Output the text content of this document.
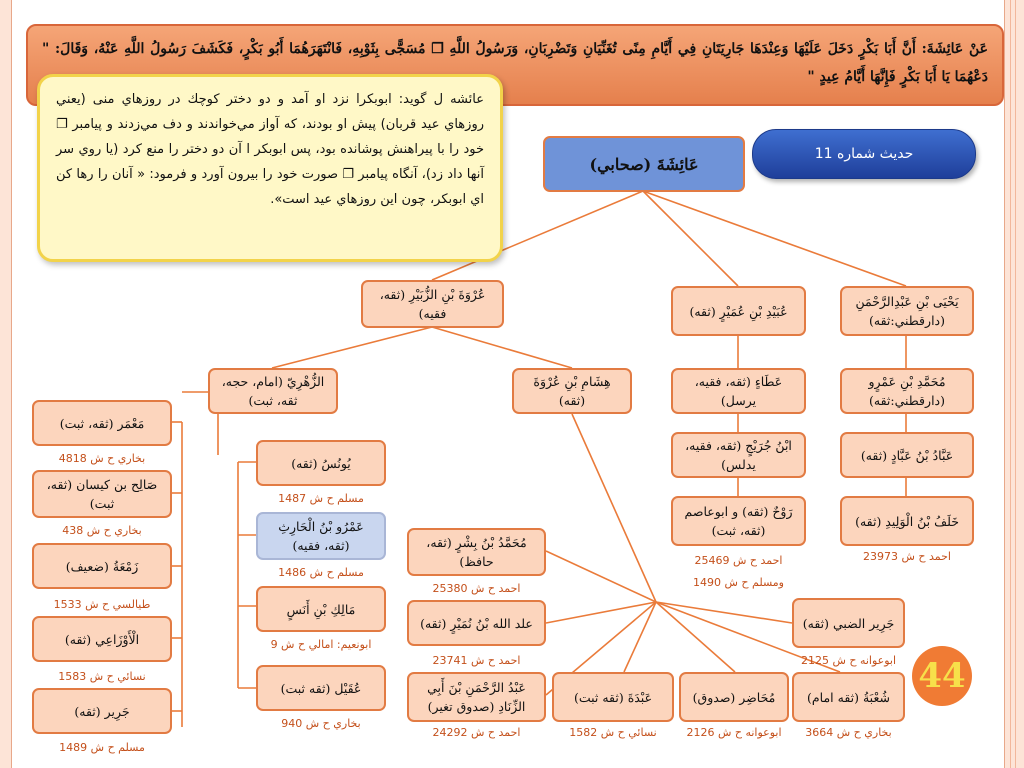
عَنْ عَائِشَةَ: أَنَّ أَبَا بَكْرٍ دَخَلَ عَلَيْهَا وَعِنْدَهَا جَارِيَتَانِ فِي أَيَّامِ مِنًى تُغَنِّيَانِ وَتَضْرِبَانِ، وَرَسُولُ اللَّهِ ❐ مُسَجًّى بِثَوْبِهِ، فَانْتَهَرَهُمَا أَبُو بَكْرٍ، فَكَشَفَ رَسُولُ اللَّهِ عَنْهُ، وَقَالَ: " دَعْهُمَا يَا أَبَا بَكْرٍ فَإِنَّهَا أَيَّامُ عِيدٍ "
عائشه ل گويد: ابوبكرا نزد او آمد و دو دختر كوچك در روزهاي منى (يعني روزهاي عيد قربان) پيش او بودند، كه آواز مي‌خواندند و دف مي‌زدند و پيامبر ❐ خود را با پيراهنش پوشانده بود، پس ابوبكر ا آن دو دختر را منع كرد (يا روي سر آنها داد زد)، آنگاه پيامبر ❐ صورت خود را بيرون آورد و فرمود: « آنان را رها كن اي ابوبكر، چون اين روزهاي عيد است».
حديث شماره 11
عَائِشَةَ (صحابي)
عُرْوَةَ بْنِ الزُّبَيْرِ (ثقه، فقيه)	عُبَيْدِ بْنِ عُمَيْرٍ (ثقه)
يَحْيَى بْنِ عَبْدِالرَّحْمَنِ (دارقطني:ثقه)
الزُّهْرِيّ (امام، حجه، ثقه، ثبت)
هِشَامِ بْنِ عُرْوَةَ (ثقه)
عَطَاءٍ (ثقه، فقيه، يرسل)
مُحَمَّدِ بْنِ عَمْرٍو (دارقطني:ثقه)
ابْنُ جُرَيْجٍ (ثقه، فقيه، يدلس)
عَبَّادُ بْنُ عَبَّادٍ (ثقه)
رَوْحٌ (ثقه) و ابوعاصم (ثقه، ثبت)
خَلَفُ بْنُ الْوَلِيدِ (ثقه)
مَعْمَر (ثقه، ثبت)
يُونُسُ (ثقه)
صَالِح بن كيسان (ثقه، ثبت)
عَمْرُو بْنُ الْحَارِثِ (ثقه، فقيه)	مُحَمَّدُ بْنُ بِشْرٍ (ثقه، حافظ)
زَمْعَةُ (ضعيف)
مَالِكِ بْنِ أَنَسٍ
علد الله بْنُ نُمَيْرٍ (ثقه)	جَرِير الضبي (ثقه)
الْأَوْزَاعِي (ثقه)
عُقَيْل (ثقه ثبت)	عَبْدُ الرَّحْمَنِ بْنَ أَبِي الزِّنَادِ (صدوق تغير)
عَبْدَةَ (ثقه ثبت)	مُحَاضِر (صدوق)	شُعْبَةُ (ثقه امام)
جَرِير (ثقه)
بخاري ح ش 4818
مسلم ح ش 1487
بخاري ح ش 438
مسلم ح ش 1486
احمد ح ش 25380
احمد ح ش 25469
ومسلم ح ش 1490
احمد ح ش 23973
طيالسي ح ش 1533
ابونعيم: امالي ح ش 9
احمد ح ش 23741	ابوعوانه ح ش 2125
نسائي ح ش 1583
بخاري ح ش 940
احمد ح ش 24292	نسائي ح ش 1582	ابوعوانه ح ش 2126	بخاري ح ش 3664
مسلم ح ش 1489
44
